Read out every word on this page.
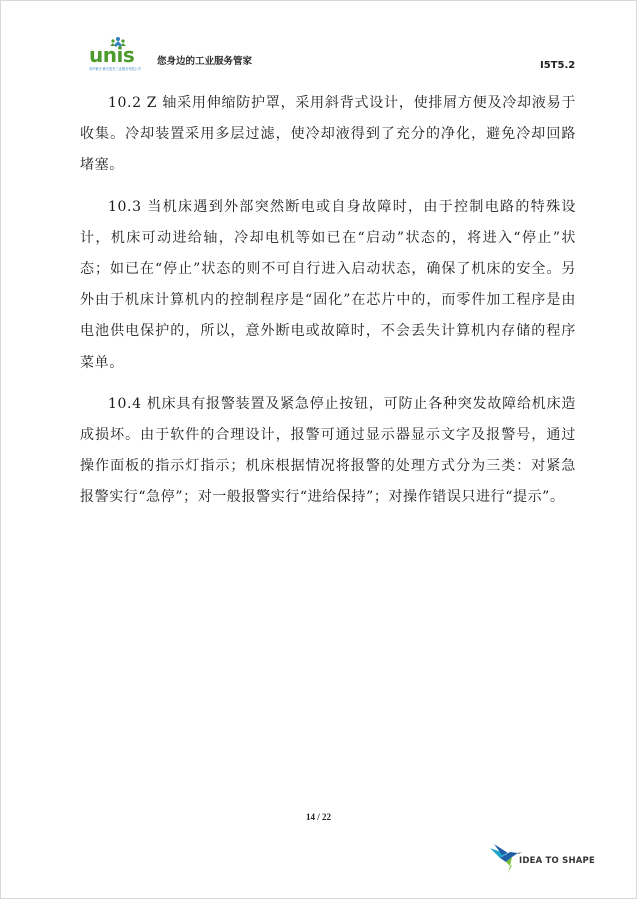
unis
清华紫光·紫光股份工业服务有限公司
您身边的工业服务管家	I5T5.2

10.2 Z 轴采用伸缩防护罩，采用斜背式设计，使排屑方便及冷却液易于收集。冷却装置采用多层过滤，使冷却液得到了充分的净化，避免冷却回路堵塞。

10.3 当机床遇到外部突然断电或自身故障时，由于控制电路的特殊设计，机床可动进给轴，冷却电机等如已在“启动”状态的，将进入“停止”状态；如已在“停止”状态的则不可自行进入启动状态，确保了机床的安全。另外由于机床计算机内的控制程序是“固化”在芯片中的，而零件加工程序是由电池供电保护的，所以，意外断电或故障时，不会丢失计算机内存储的程序菜单。

10.4 机床具有报警装置及紧急停止按钮，可防止各种突发故障给机床造成损坏。由于软件的合理设计，报警可通过显示器显示文字及报警号，通过操作面板的指示灯指示；机床根据情况将报警的处理方式分为三类：对紧急报警实行“急停”；对一般报警实行“进给保持”；对操作错误只进行“提示”。

14 / 22
IDEA TO SHAPE
